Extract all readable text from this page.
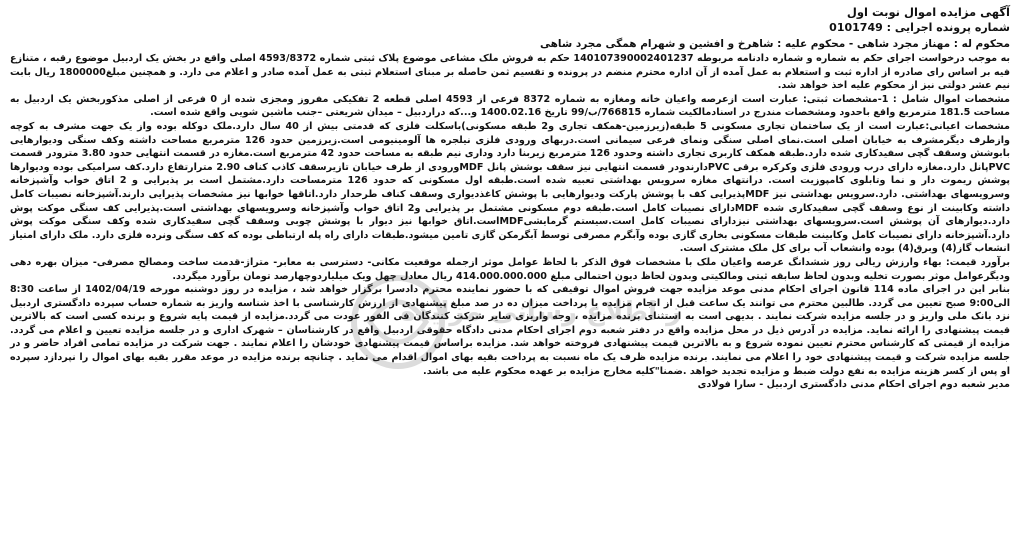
آگهی مزایده اموال نوبت اول

شماره پرونده اجرایی : 0101749

محکوم له : مهناز مجرد شاهی - محکوم علیه : شاهرخ و افشین و شهرام همگی مجرد شاهی

به موجب درخواست اجرای حکم به شماره و شماره دادنامه مربوطه 140107390002401237 حکم به فروش ملک مشاعی موضوع پلاک ثبتی شماره 4593/8372 اصلی واقع در بخش یک اردبیل موضوع رقبه ، متنازع فیه بر اساس رای صادره از اداره ثبت و استعلام به عمل آمده از آن اداره محترم منضم در پرونده و تقسیم ثمن حاصله بر مبنای استعلام ثبتی به عمل آمده صادر و اعلام می دارد. و همچنین مبلغ1800000 ریال بابت نیم عشر دولتی نیز از محکوم علیه اخذ خواهد شد.

مشخصات اموال شامل : 1-مشخصات ثبتی: عبارت است ازعرصه واعیان خانه ومغازه به شماره 8372 فرعی از 4593 اصلی قطعه 2 تفکیکی مفروز ومجزی شده از 0 فرعی از اصلی مذکوربخش یک اردبیل به مساحت 181.5 مترمربع واقع باحدود ومشخصات مندرج در اسنادمالکیت شماره 766815/ب/99 تاریخ 1400.02.16 و...که دراردبیل – میدان شریعتی –جنب ماشین شویی واقع شده است.

مشخصات اعیانی:عبارت است از یک ساختمان تجاری مسکونی 5 طبقه(زیرزمین-همکف تجاری و2 طبقه مسکونی)باسکلت فلزی که قدمتی بیش از 40 سال دارد.ملک دوکله بوده واز یک جهت مشرف به کوچه وازطرف دیگرمشرف به خیابان اصلی است.نمای اصلی سنگی ونمای فرعی سیمانی است.دربهای ورودی فلزی نیلجره ها آلومینیومی است.زیرزمین حدود 126 مترمربع مساحت داشته وکف سنگی ودیوارهایی بابوشش وسقف گچی سفیدکاری شده دارد.طبقه همکف کاربری تجاری داشته وحدود 126 مترمربع زیربنا دارد وداری نیم طبقه به مساحت حدود 42 مترمربع است.مغازه در قسمت انتهایی حدود 3.80 مترودر قسمت PVCپانل دارد.مغازه دارای درب ورودی فلزی وکرکره برقی PVCدارندودر قسمت انتهایی نیز سقف بوشش پانل MDFورودی از طرف خیابان تازیرسقف کاذب کناف 2.90 مترارتفاع دارد.کف سرامیکی بوده ودیوارها پوشش ریموت دار و نما وتابلوی کامپوزیت است. درانتهای مغازه سرویس بهداشتی تعبیه شده است.طبقه اول مسکونی که حدود 126 مترمساحت دارد.مشتمل است بر پذیرایی و 2 اتاق خواب وآشپزخانه وسرویسهای بهداشتی. دارد.سرویس بهداشتی نیز MDFپذیرایی کف با پوشش پارکت ودیوارهایی با پوشش کاغذدیواری وسقف کناف طرحدار دارد.اتاقها خوابها نیز مشخصات پذیرایی دارند.آشپزخانه نصیبات کامل داشته وکابینت از نوع وسقف گچی سفیدکاری شده MDFدارای نصیبات کامل است.طبقه دوم مسکونی مشتمل بر پذیرایی و2 اتاق خواب وآشپزخانه وسرویسهای بهداشتی است.پذیرایی کف سنگی موکت پوش دارد.دیوارهای آن پوشش است.سرویسهای بهداشتی نیزدارای نصیبات کامل است.سیستم گرمایشیMDFاست.اتاق خوابها نیز دیوار با پوشش چوبی وسقف گچی سفیدکاری شده وکف سنگی موکت پوش دارد.آشپزخانه دارای نصیبات کامل وکابینت طبقات مسکونی بخاری گازی بوده وآبگرم مصرفی توسط آبگرمکن گازی تامین میشود.طبقات دارای راه پله ارتباطی بوده که کف سنگی ونرده فلزی دارد. ملک دارای امتیاز انشعاب گاز(4) وبرق(4) بوده وانشعاب آب برای کل ملک مشترک است.

برآورد قیمت: بهاء وارزش ریالی روز ششدانگ عرصه واعیان ملک با مشخصات فوق الذکر با لحاظ عوامل موثر ازجمله موقعیت مکانی- دسترسی به معابر- متراژ-قدمت ساخت ومصالح مصرفی- میزان بهره دهی ودیگرعوامل موثر بصورت تخلیه وبدون لحاظ سابقه ثبتی ومالکیتی وبدون لحاظ دیون احتمالی مبلغ 414.000.000.000 ریال معادل چهل ویک میلیاردوچهارصد تومان برآورد میگردد.

بنابر این در اجرای ماده 114 قانون اجرای احکام مدنی موعد مزایده جهت فروش اموال توقیفی که با حضور نماینده محترم دادسرا برگزار خواهد شد ، مزایده در روز دوشنبه مورخه 1402/04/19 از ساعت 8:30 الی9:00 صبح تعیین می گردد. طالبین محترم می توانند یک ساعت قبل از انجام مزایده با پرداخت میزان ده در صد مبلغ پیشنهادی از ارزش کارشناسی با اخذ شناسه واریز به شماره حساب سپرده دادگستری اردبیل نزد بانک ملی واریز و در جلسه مزایده شرکت نمایند . بدیهی است به استثنای برنده مزایده ، وجه واریزی سایر شرکت کنندگان فی الفور عودت می گردد.مزایده از قیمت پایه شروع و برنده کسی است که بالاترین قیمت پیشنهادی را ارائه نماید. مزایده در آدرس ذیل در محل مزایده واقع در دفتر شعبه دوم اجرای احکام مدنی دادگاه حقوقی اردبیل واقع در کارشناسان – شهرک اداری و در جلسه مزایده تعیین و اعلام می گردد. مزایده از قیمتی که کارشناس محترم تعیین نموده شروع و به بالاترین قیمت پیشنهادی فروخته خواهد شد. مزایده براساس قیمت پیشنهادی خودشان را اعلام نمایند . جهت شرکت در مزایده تمامی افراد حاضر و در جلسه مزایده شرکت و قیمت پیشنهادی خود را اعلام می نمایند. برنده مزایده ظرف یک ماه نسبت به پرداخت بقیه بهای اموال اقدام می نماید . چنانچه برنده مزایده در موعد مقرر بقیه بهای اموال را نپردازد سپرده او پس از کسر هزینه مزایده به نفع دولت ضبط و مزایده تجدید خواهد .ضمنا"کلیه مخارج مزایده بر عهده محکوم علیه می باشد.

مدیر شعبه دوم اجرای احکام مدنی دادگستری اردبیل - سارا فولادی

ز اطلاع رسانی مزایده
